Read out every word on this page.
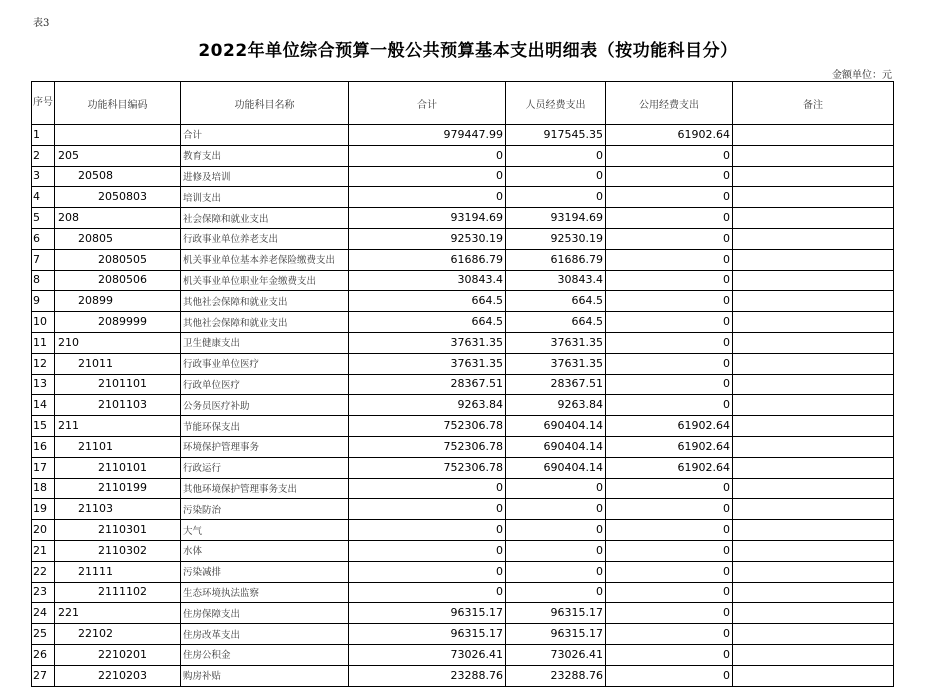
表3
2022年单位综合预算一般公共预算基本支出明细表（按功能科目分）
金额单位：元
序号	功能科目编码	功能科目名称	合计	人员经费支出	公用经费支出	备注
1		合计	979447.99	917545.35	61902.64	
2	205	教育支出	0	0	0	
3	20508	进修及培训	0	0	0	
4	2050803	培训支出	0	0	0	
5	208	社会保障和就业支出	93194.69	93194.69	0	
6	20805	行政事业单位养老支出	92530.19	92530.19	0	
7	2080505	机关事业单位基本养老保险缴费支出	61686.79	61686.79	0	
8	2080506	机关事业单位职业年金缴费支出	30843.4	30843.4	0	
9	20899	其他社会保障和就业支出	664.5	664.5	0	
10	2089999	其他社会保障和就业支出	664.5	664.5	0	
11	210	卫生健康支出	37631.35	37631.35	0	
12	21011	行政事业单位医疗	37631.35	37631.35	0	
13	2101101	行政单位医疗	28367.51	28367.51	0	
14	2101103	公务员医疗补助	9263.84	9263.84	0	
15	211	节能环保支出	752306.78	690404.14	61902.64	
16	21101	环境保护管理事务	752306.78	690404.14	61902.64	
17	2110101	行政运行	752306.78	690404.14	61902.64	
18	2110199	其他环境保护管理事务支出	0	0	0	
19	21103	污染防治	0	0	0	
20	2110301	大气	0	0	0	
21	2110302	水体	0	0	0	
22	21111	污染减排	0	0	0	
23	2111102	生态环境执法监察	0	0	0	
24	221	住房保障支出	96315.17	96315.17	0	
25	22102	住房改革支出	96315.17	96315.17	0	
26	2210201	住房公积金	73026.41	73026.41	0	
27	2210203	购房补贴	23288.76	23288.76	0	
